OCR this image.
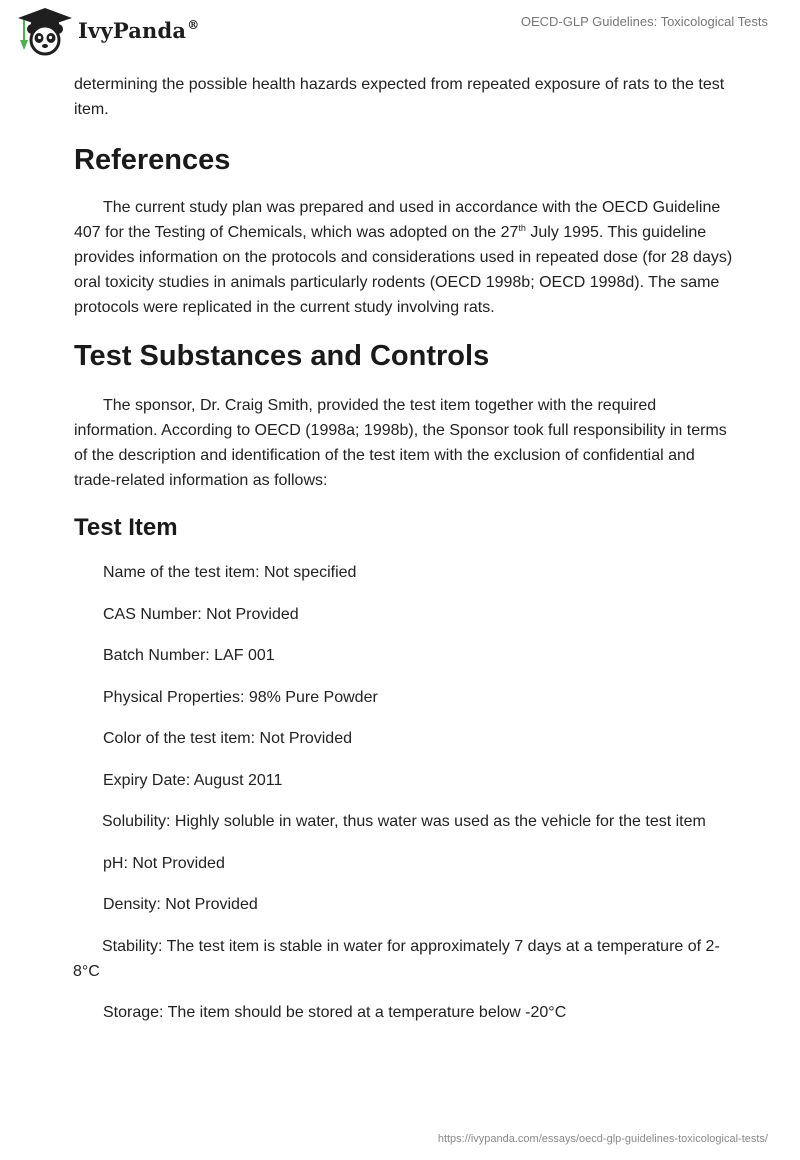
IvyPanda®	OECD-GLP Guidelines: Toxicological Tests

determining the possible health hazards expected from repeated exposure of rats to the test item.

References

The current study plan was prepared and used in accordance with the OECD Guideline 407 for the Testing of Chemicals, which was adopted on the 27th July 1995. This guideline provides information on the protocols and considerations used in repeated dose (for 28 days) oral toxicity studies in animals particularly rodents (OECD 1998b; OECD 1998d). The same protocols were replicated in the current study involving rats.

Test Substances and Controls

The sponsor, Dr. Craig Smith, provided the test item together with the required information. According to OECD (1998a; 1998b), the Sponsor took full responsibility in terms of the description and identification of the test item with the exclusion of confidential and trade-related information as follows:

Test Item

Name of the test item: Not specified

CAS Number: Not Provided

Batch Number: LAF 001

Physical Properties: 98% Pure Powder

Color of the test item: Not Provided

Expiry Date: August 2011

Solubility: Highly soluble in water, thus water was used as the vehicle for the test item

pH: Not Provided

Density: Not Provided

Stability: The test item is stable in water for approximately 7 days at a temperature of 2-8°C

Storage: The item should be stored at a temperature below -20°C

https://ivypanda.com/essays/oecd-glp-guidelines-toxicological-tests/
